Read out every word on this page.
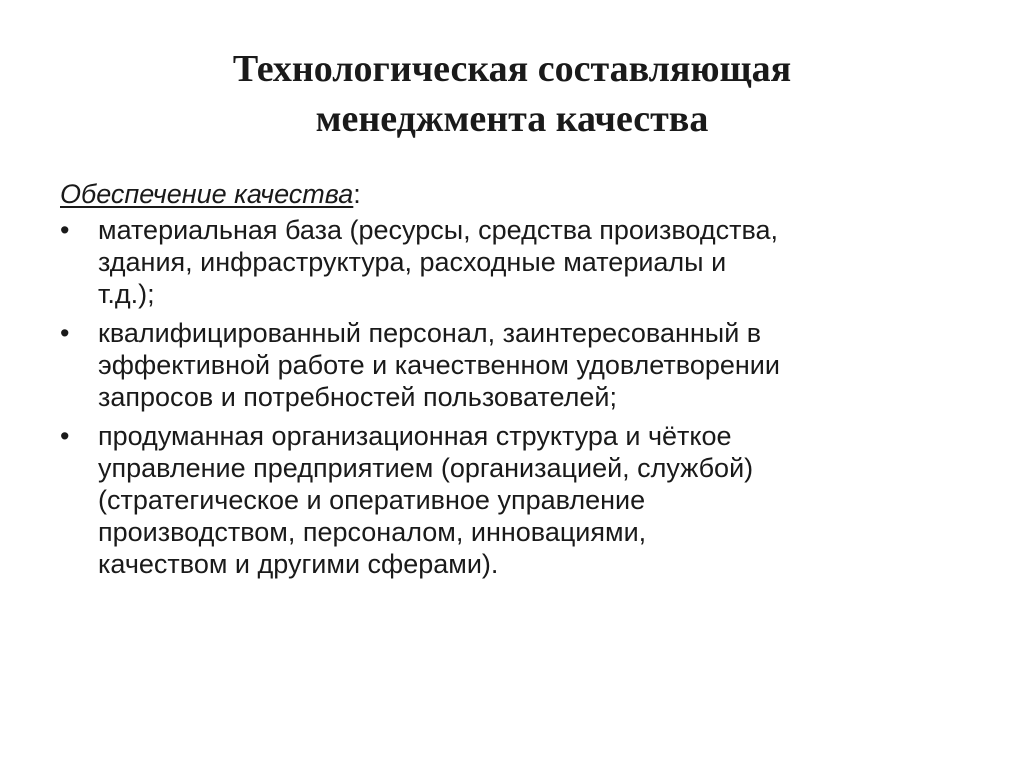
Технологическая составляющая
менеджмента качества
Обеспечение качества:
• материальная база (ресурсы, средства производства,
здания, инфраструктура, расходные материалы и
т.д.);
• квалифицированный персонал, заинтересованный в
эффективной работе и качественном удовлетворении
запросов и потребностей пользователей;
• продуманная организационная структура и чёткое
управление предприятием (организацией, службой)
(стратегическое и оперативное управление
производством, персоналом, инновациями,
качеством и другими сферами).
